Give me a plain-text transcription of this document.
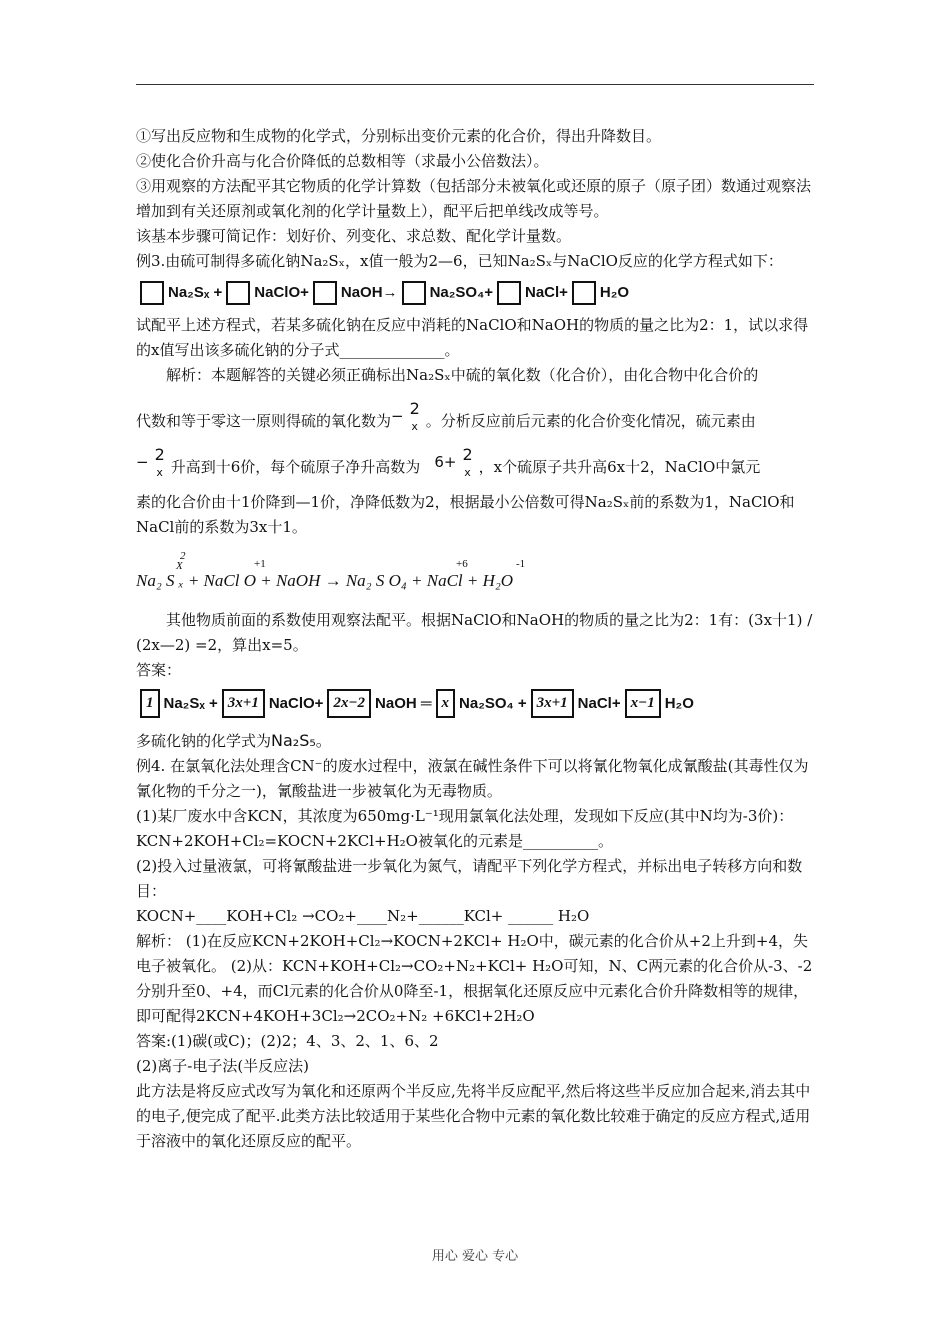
①写出反应物和生成物的化学式，分别标出变价元素的化合价，得出升降数目。

②使化合价升高与化合价降低的总数相等（求最小公倍数法）。

③用观察的方法配平其它物质的化学计算数（包括部分未被氧化或还原的原子（原子团）数通过观察法增加到有关还原剂或氧化剂的化学计量数上），配平后把单线改成等号。

该基本步骤可简记作：划好价、列变化、求总数、配化学计量数。

例3.由硫可制得多硫化钠Na₂Sₓ，x值一般为2—6，已知Na₂Sₓ与NaClO反应的化学方程式如下：

Na₂Sₓ + NaClO+ NaOH→ Na₂SO₄+ NaCl+ H₂O

试配平上述方程式，若某多硫化钠在反应中消耗的NaClO和NaOH的物质的量之比为2：1，试以求得的x值写出该多硫化钠的分子式______________。

解析：本题解答的关键必须正确标出Na₂Sₓ中硫的氧化数（化合价），由化合物中化合价的

代数和等于零这一原则得硫的氧化数为 − 2
x 。分析反应前后元素的化合价变化情况，硫元素由
− 2
x 升高到十6价，每个硫原子净升高数为 6+ 2
x ，x个硫原子共升高6x十2，NaClO中氯元

素的化合价由十1价降到—1价，净降低数为2，根据最小公倍数可得Na₂Sₓ前的系数为1，NaClO和NaCl前的系数为3x十1。

2
X	+1	+6	-1
Na₂ S ₓ + NaCl O + NaOH → Na₂ S O₄ + NaCl + H₂O

其他物质前面的系数使用观察法配平。根据NaClO和NaOH的物质的量之比为2：1有：(3x十1) / (2x—2) =2，算出x=5。

答案：

1 Na₂Sₓ + 3x+1 NaClO+ 2x−2 NaOH ═ x Na₂SO₄ + 3x+1 NaCl+ x−1 H₂O

多硫化钠的化学式为Na₂S₅。

例4. 在氯氧化法处理含CN⁻的废水过程中，液氯在碱性条件下可以将氰化物氧化成氰酸盐(其毒性仅为氰化物的千分之一)，氰酸盐进一步被氧化为无毒物质。

(1)某厂废水中含KCN，其浓度为650mg·L⁻¹现用氯氧化法处理，发现如下反应(其中N均为-3价)：KCN+2KOH+Cl₂=KOCN+2KCl+H₂O被氧化的元素是__________。

(2)投入过量液氯，可将氰酸盐进一步氧化为氮气，请配平下列化学方程式，并标出电子转移方向和数目：

KOCN+____KOH+Cl₂ →CO₂+____N₂+______KCl+ ______ H₂O

解析： (1)在反应KCN+2KOH+Cl₂→KOCN+2KCl+ H₂O中，碳元素的化合价从+2上升到+4，失电子被氧化。 (2)从：KCN+KOH+Cl₂→CO₂+N₂+KCl+ H₂O可知，N、C两元素的化合价从-3、-2分别升至0、+4，而Cl元素的化合价从0降至-1，根据氧化还原反应中元素化合价升降数相等的规律，即可配得2KCN+4KOH+3Cl₂→2CO₂+N₂ +6KCl+2H₂O

答案:(1)碳(或C)；(2)2；4、3、2、1、6、2

(2)离子-电子法(半反应法)

此方法是将反应式改写为氧化和还原两个半反应,先将半反应配平,然后将这些半反应加合起来,消去其中的电子,便完成了配平.此类方法比较适用于某些化合物中元素的氧化数比较难于确定的反应方程式,适用于溶液中的氧化还原反应的配平。

用心 爱心 专心
